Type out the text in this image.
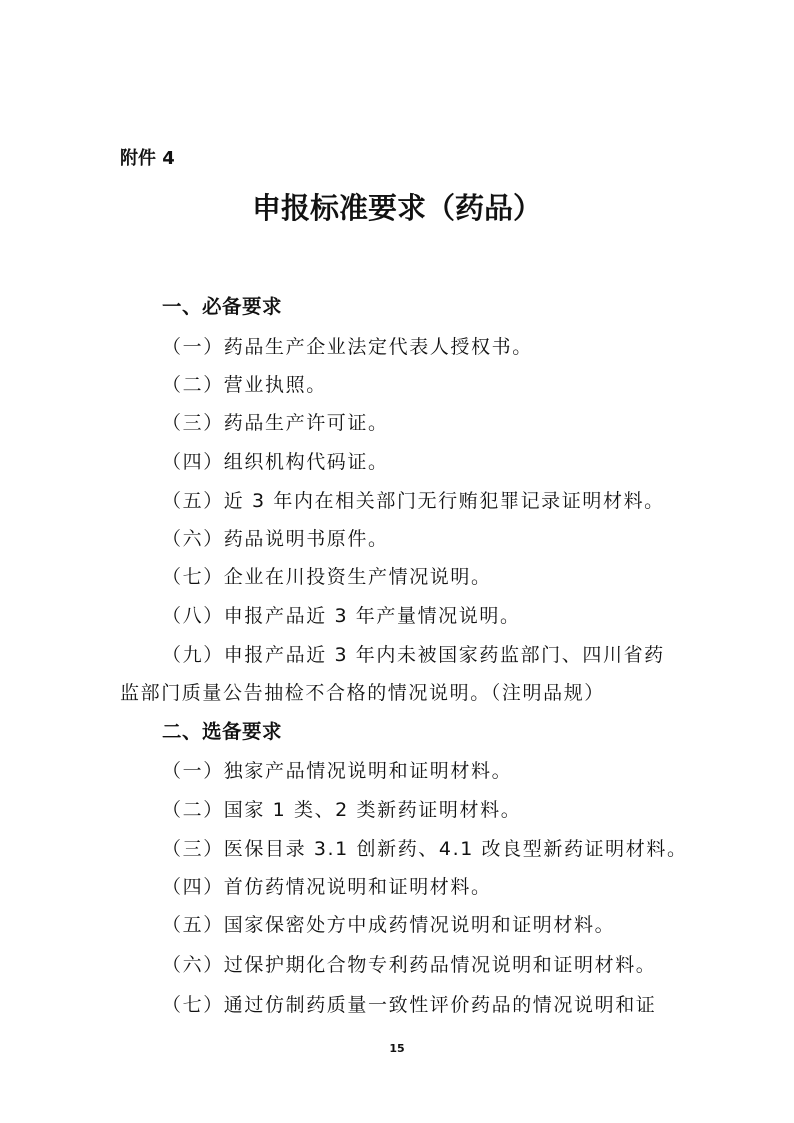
附件 4
申报标准要求（药品）
一、必备要求
（一）药品生产企业法定代表人授权书。
（二）营业执照。
（三）药品生产许可证。
（四）组织机构代码证。
（五）近 3 年内在相关部门无行贿犯罪记录证明材料。
（六）药品说明书原件。
（七）企业在川投资生产情况说明。
（八）申报产品近 3 年产量情况说明。
（九）申报产品近 3 年内未被国家药监部门、四川省药
监部门质量公告抽检不合格的情况说明。（注明品规）
二、选备要求
（一）独家产品情况说明和证明材料。
（二）国家 1 类、2 类新药证明材料。
（三）医保目录 3.1 创新药、4.1 改良型新药证明材料。
（四）首仿药情况说明和证明材料。
（五）国家保密处方中成药情况说明和证明材料。
（六）过保护期化合物专利药品情况说明和证明材料。
（七）通过仿制药质量一致性评价药品的情况说明和证
15
